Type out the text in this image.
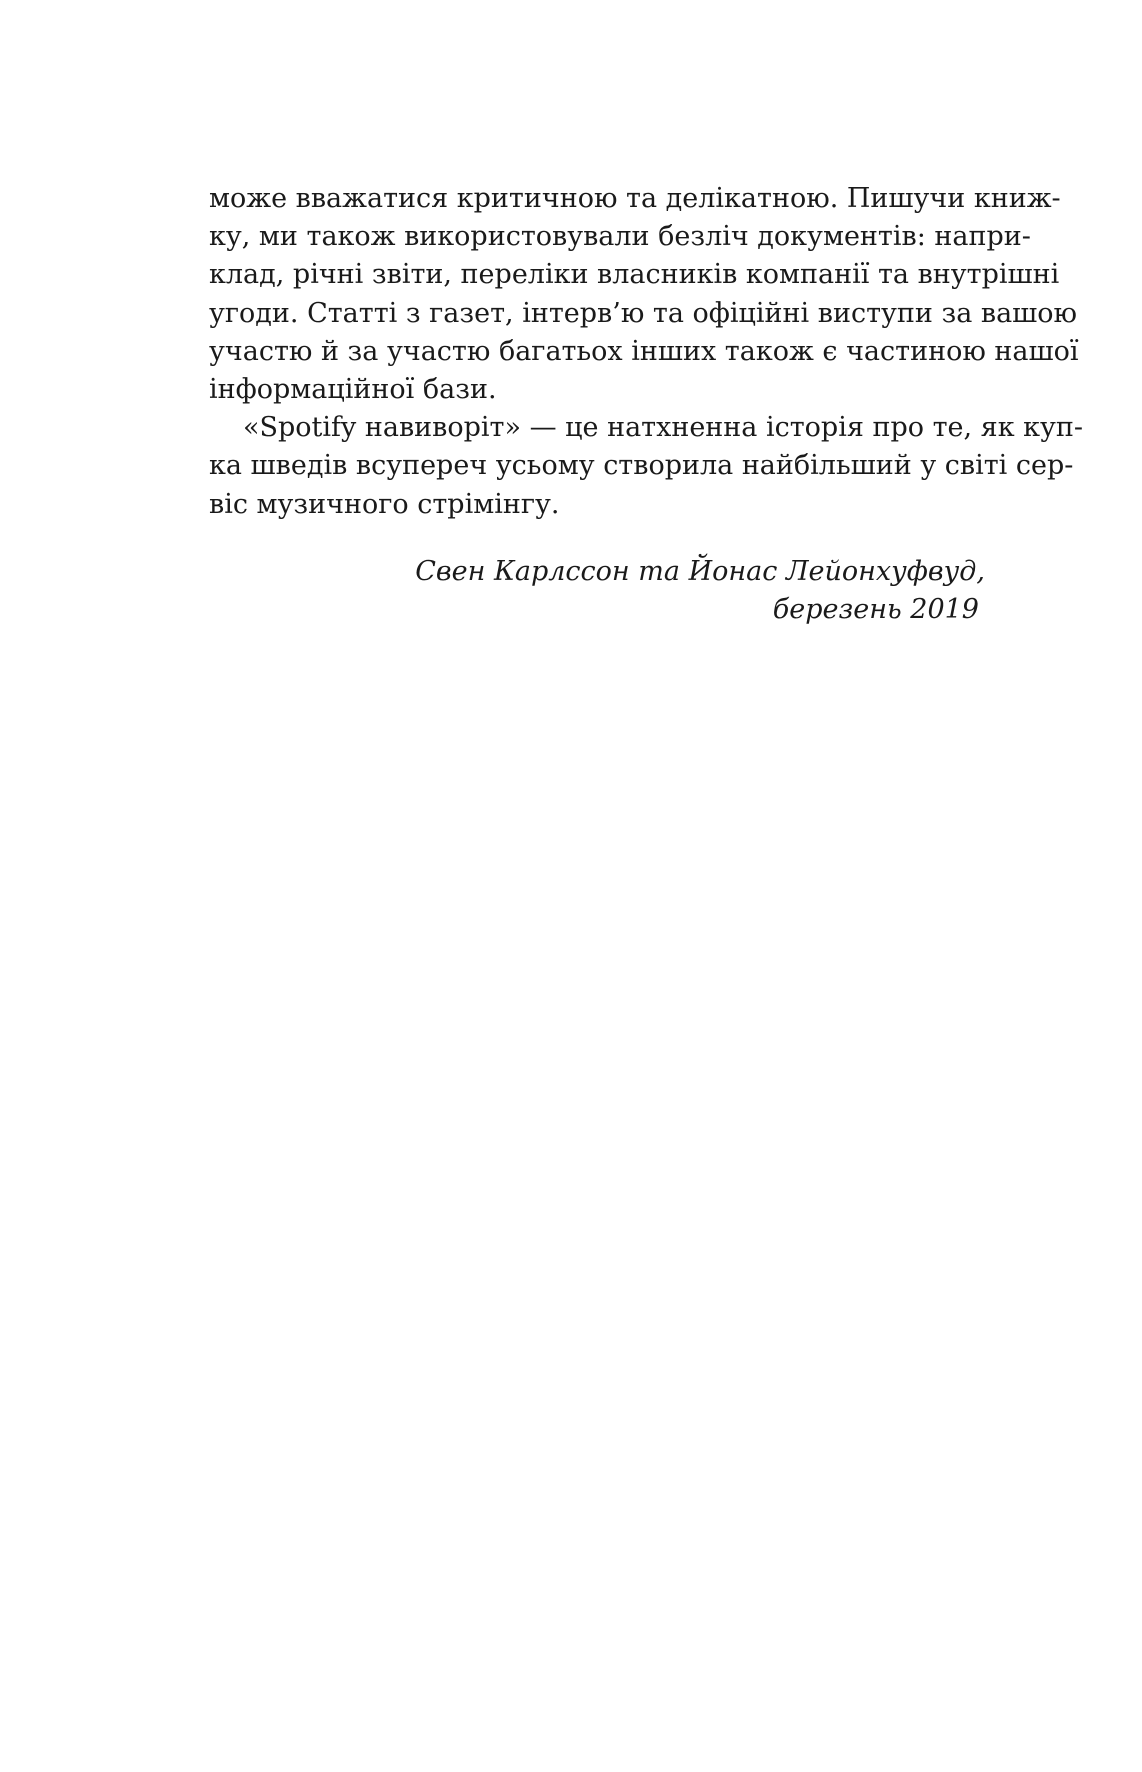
може вважатися критичною та делікатною. Пишучи книж-
ку, ми також використовували безліч документів: напри-
клад, річні звіти, переліки власників компанії та внутрішні
угоди. Статті з газет, інтерв’ю та офіційні виступи за вашою
участю й за участю багатьох інших також є частиною нашої
інформаційної бази.

«Spotify навиворіт» — це натхненна історія про те, як куп-
ка шведів всупереч усьому створила найбільший у світі сер-
віс музичного стрімінгу.

Свен Карлссон та Йонас Лейонхуфвуд,
березень 2019
